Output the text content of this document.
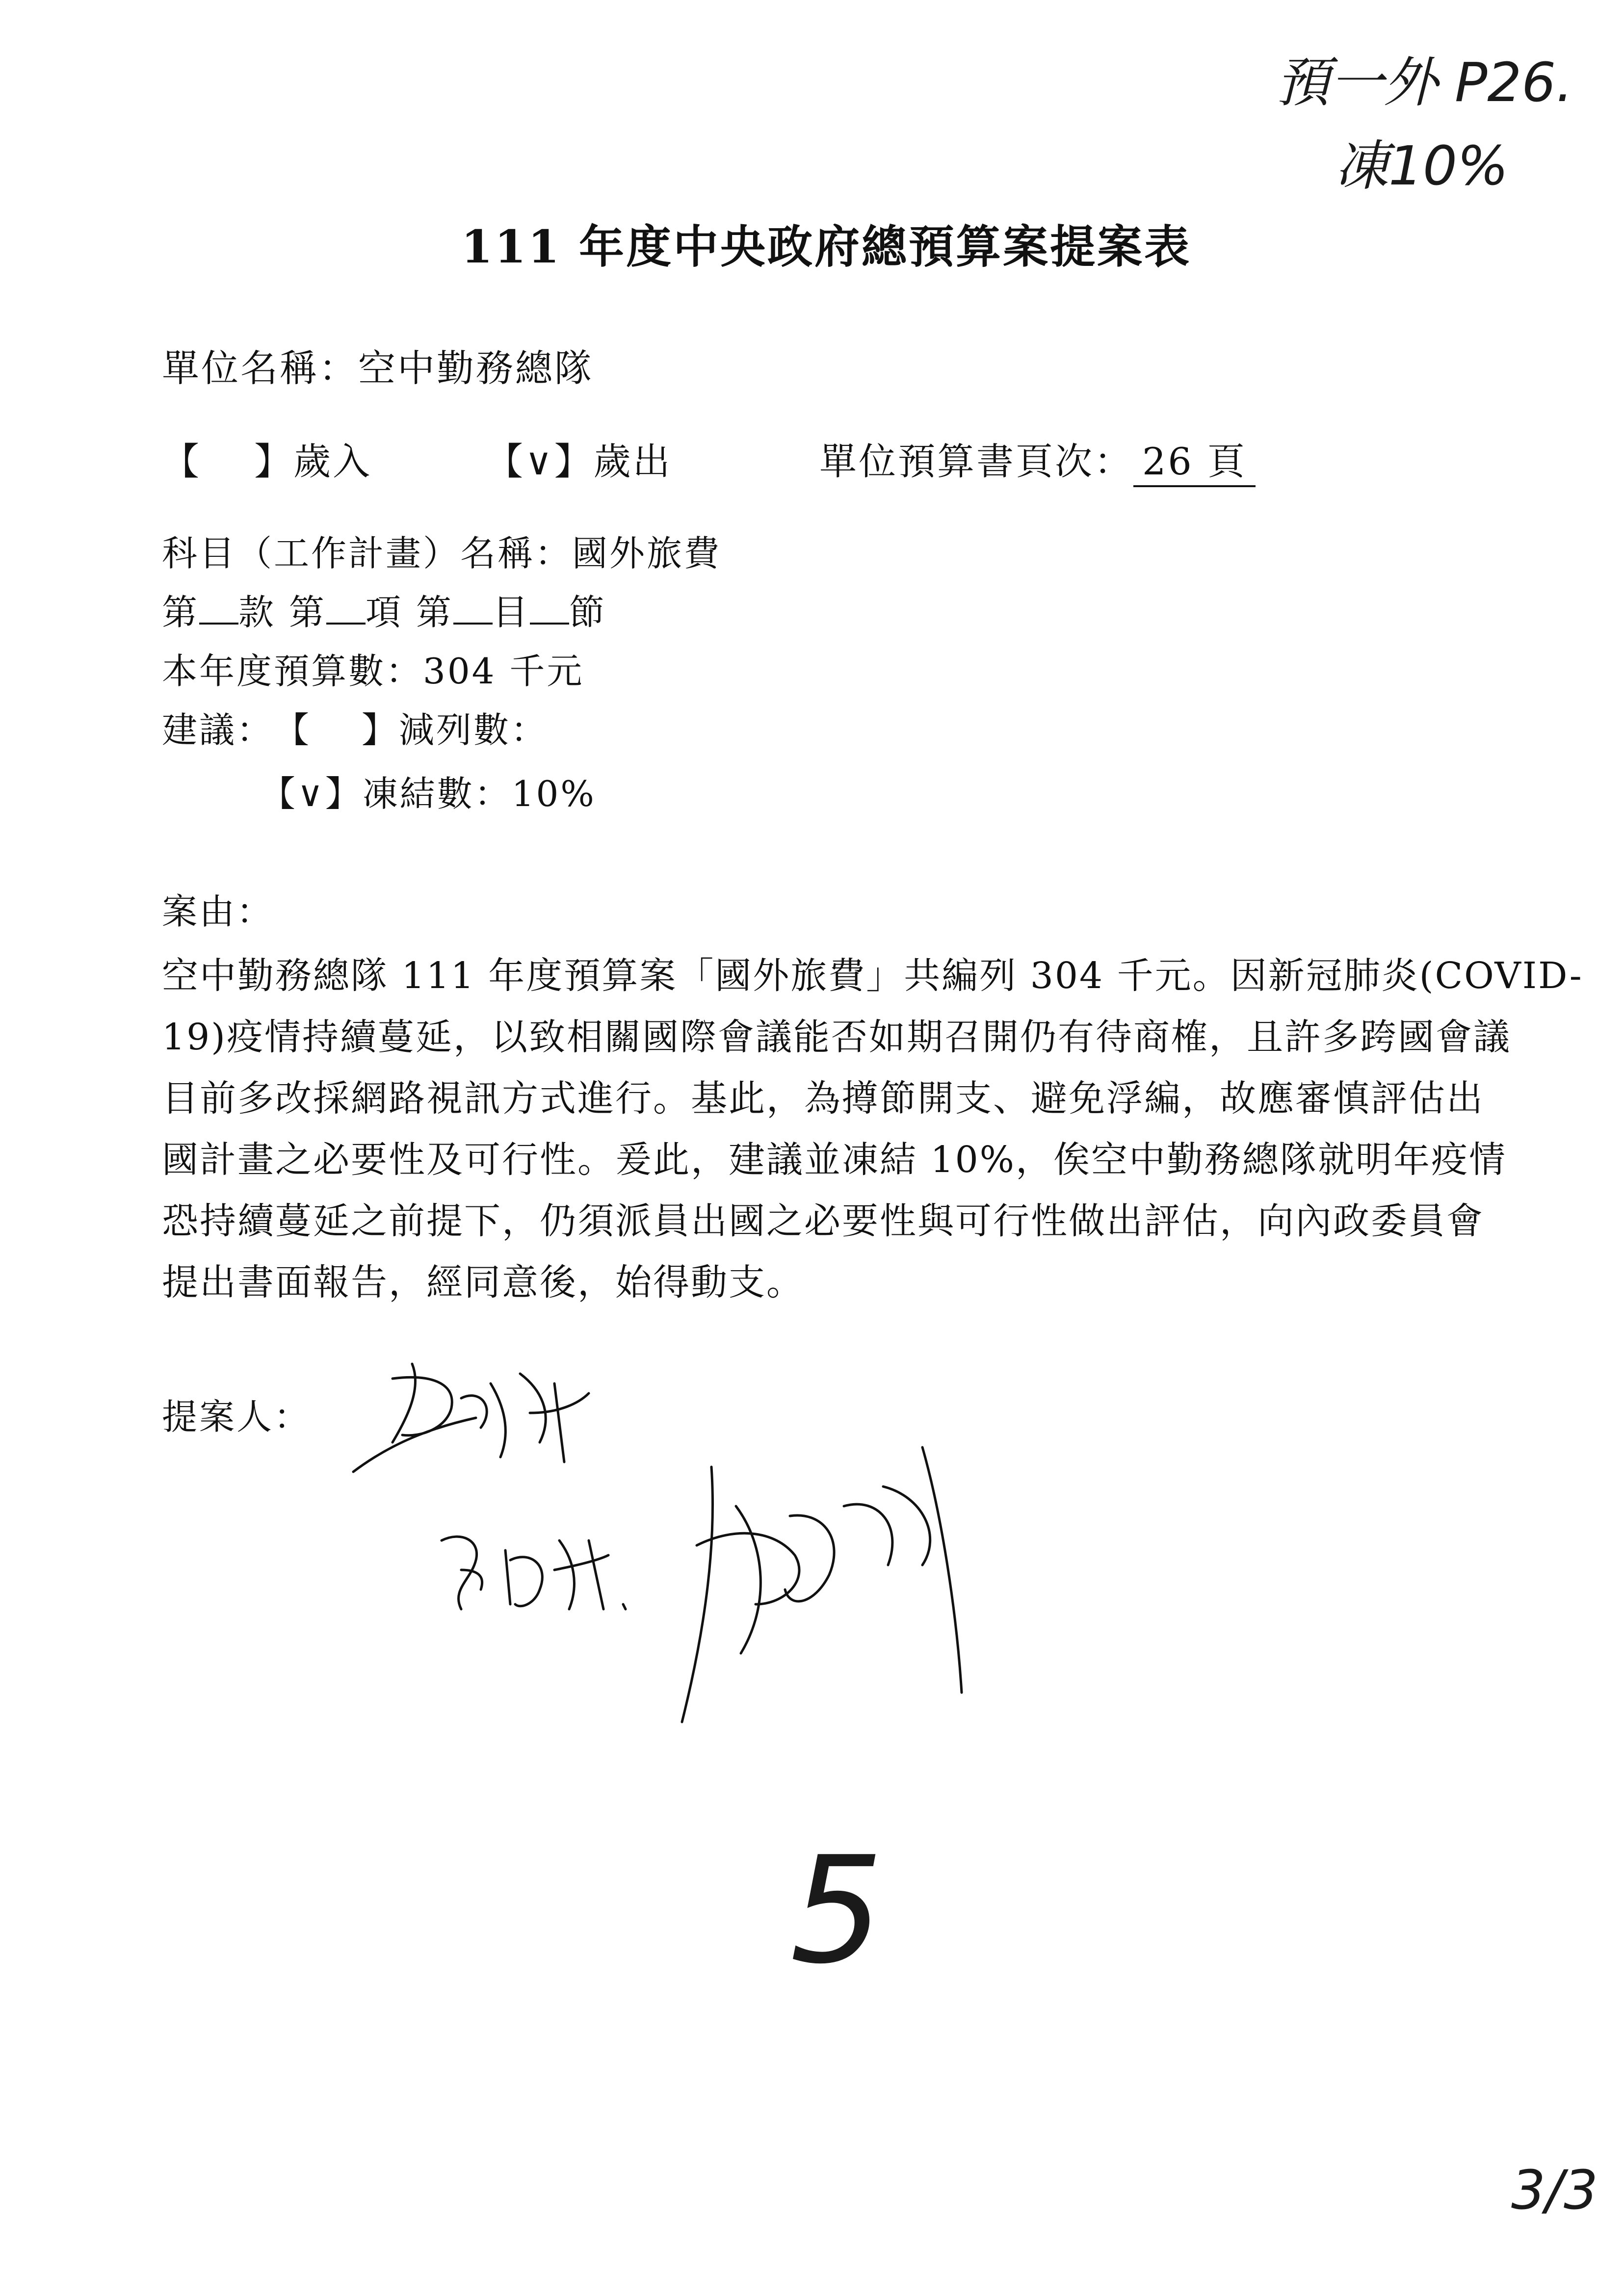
預一外 P26.
凍10%
111 年度中央政府總預算案提案表
單位名稱：空中勤務總隊
【　 】歲入	【∨】歲出	單位預算書頁次： 26 頁
科目（工作計畫）名稱：國外旅費
第 款 第 項 第 目 節
本年度預算數：304 千元
建議：【　 】減列數：
【∨】凍結數：10%
案由：
空中勤務總隊 111 年度預算案「國外旅費」共編列 304 千元。因新冠肺炎(COVID-
19)疫情持續蔓延，以致相關國際會議能否如期召開仍有待商榷，且許多跨國會議
目前多改採網路視訊方式進行。基此，為撙節開支、避免浮編，故應審慎評估出
國計畫之必要性及可行性。爰此，建議並凍結 10%，俟空中勤務總隊就明年疫情
恐持續蔓延之前提下，仍須派員出國之必要性與可行性做出評估，向內政委員會
提出書面報告，經同意後，始得動支。
提案人：
5
3/3
